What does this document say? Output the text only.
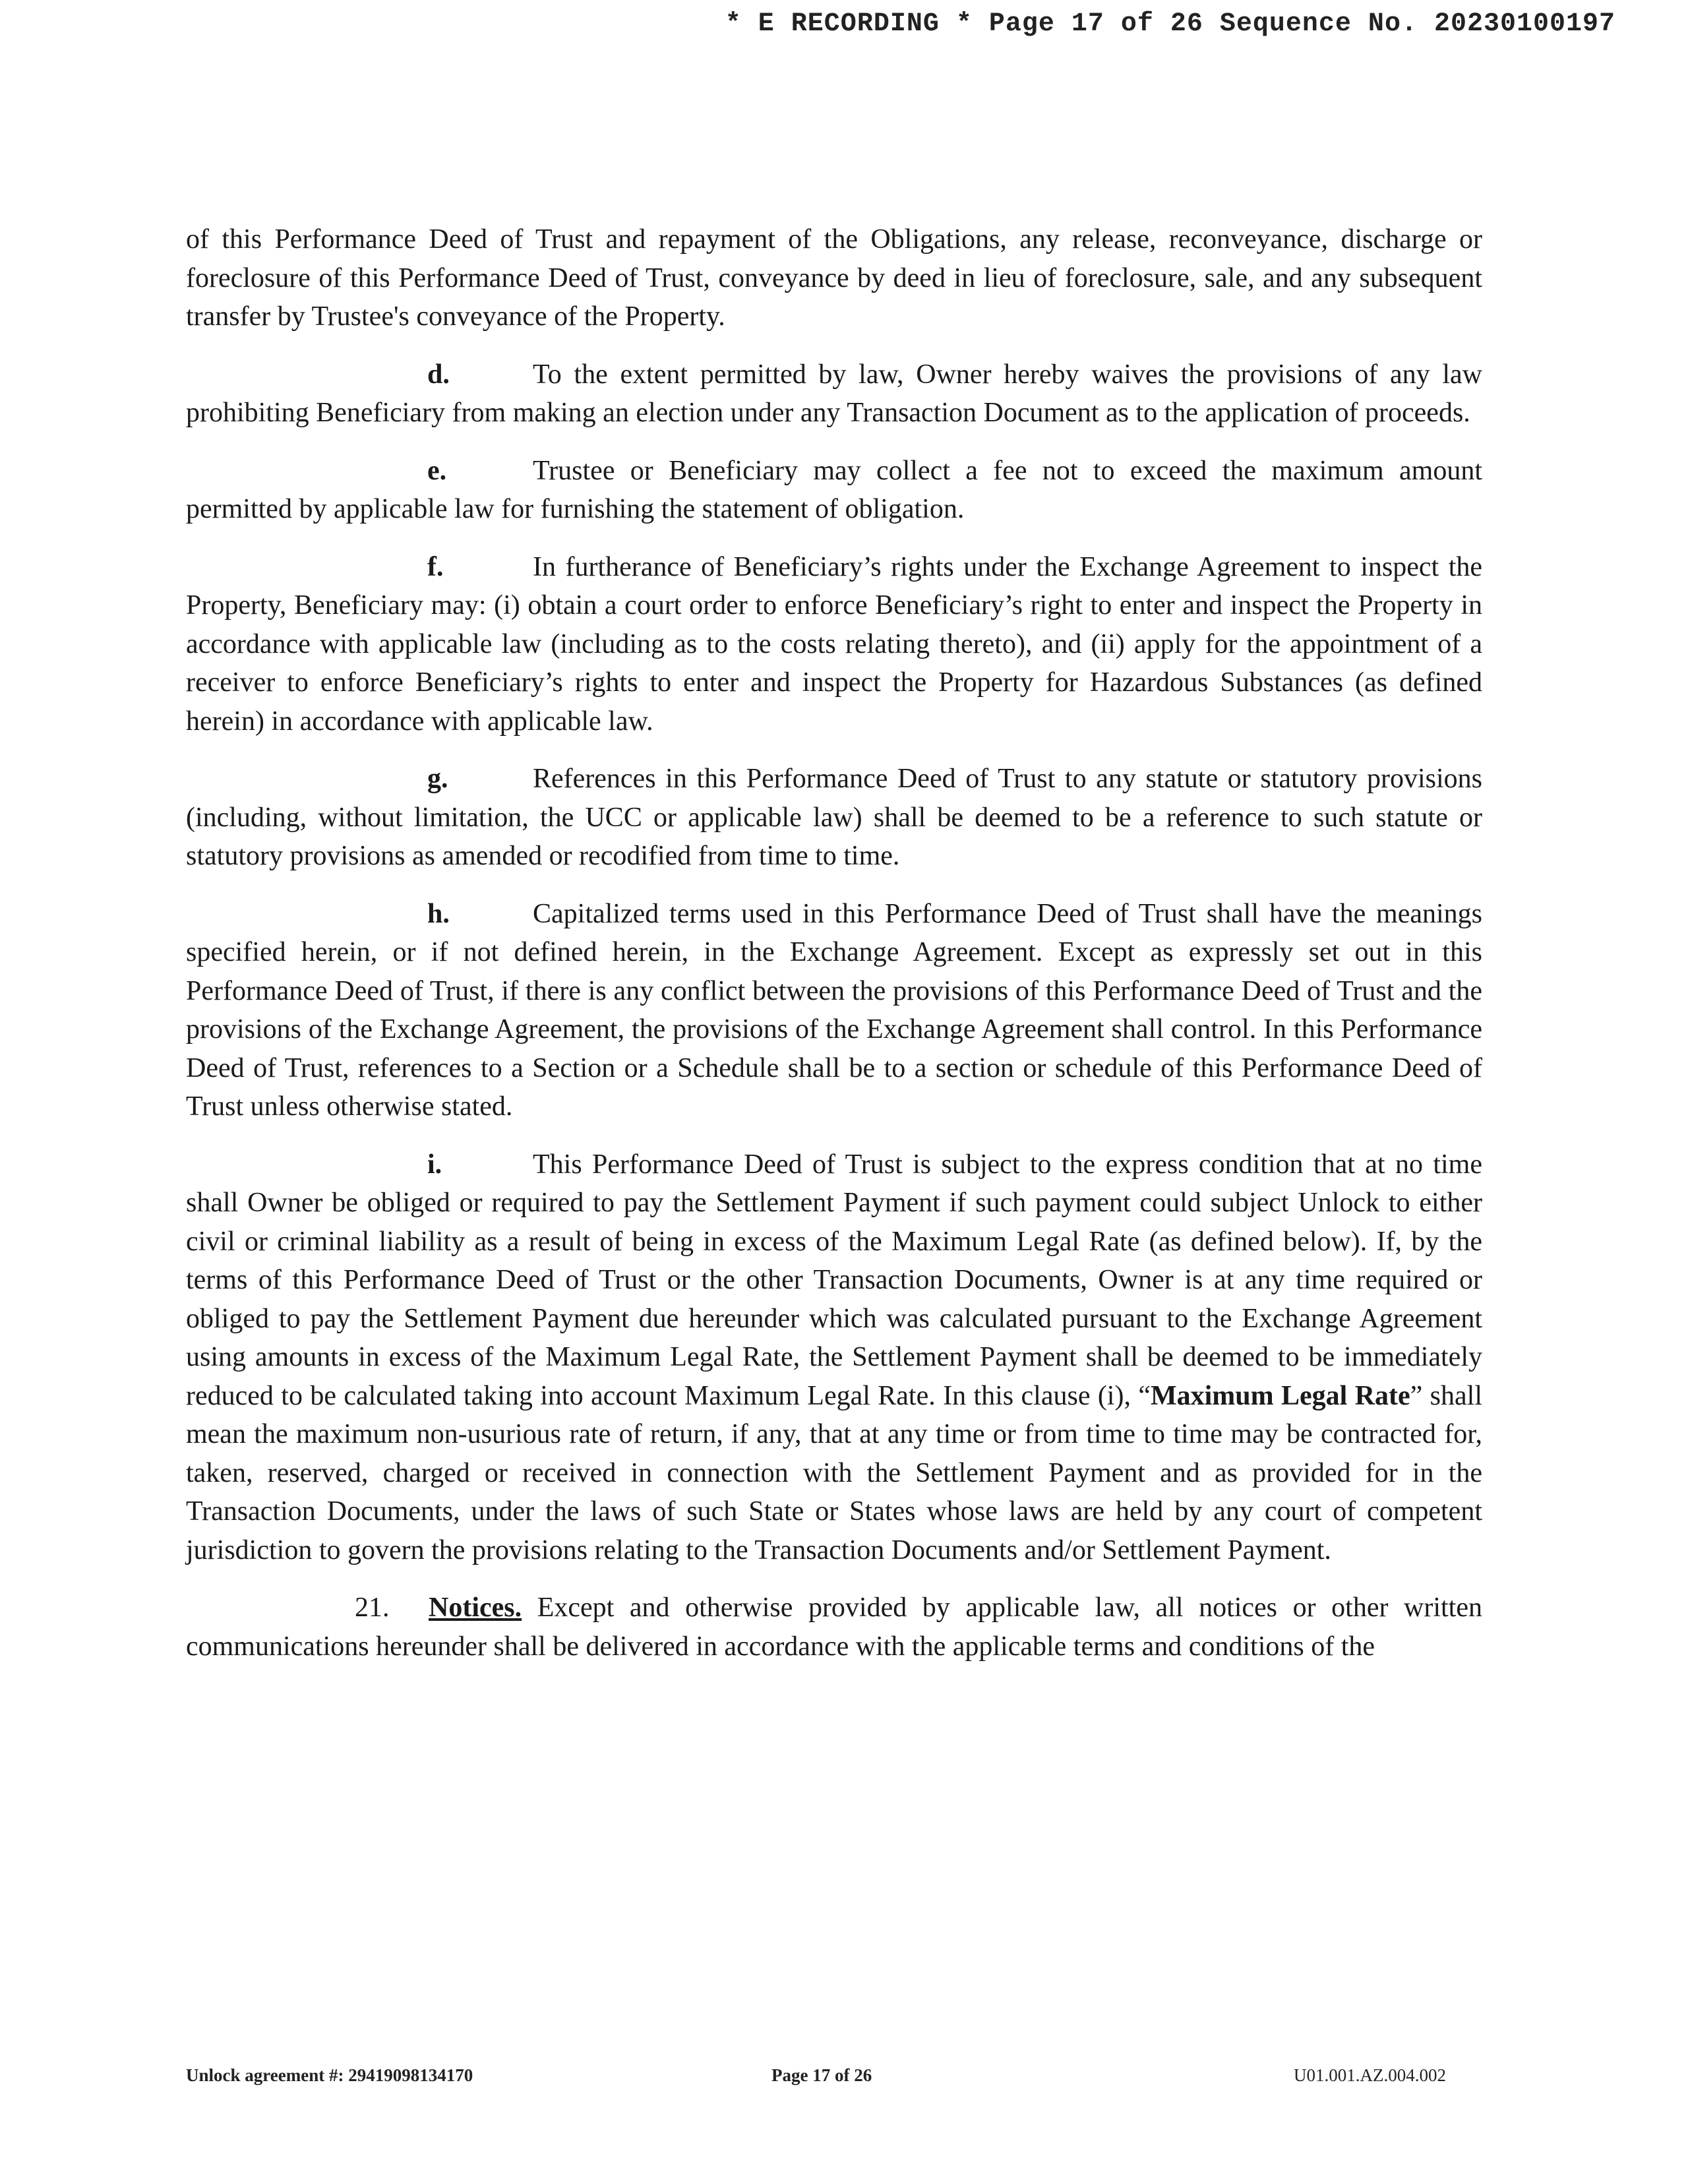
* E RECORDING * Page 17 of 26 Sequence No. 20230100197

of this Performance Deed of Trust and repayment of the Obligations, any release, reconveyance, discharge or foreclosure of this Performance Deed of Trust, conveyance by deed in lieu of foreclosure, sale, and any subsequent transfer by Trustee's conveyance of the Property.

d.	To the extent permitted by law, Owner hereby waives the provisions of any law prohibiting Beneficiary from making an election under any Transaction Document as to the application of proceeds.

e.	Trustee or Beneficiary may collect a fee not to exceed the maximum amount permitted by applicable law for furnishing the statement of obligation.

f.	In furtherance of Beneficiary’s rights under the Exchange Agreement to inspect the Property, Beneficiary may: (i) obtain a court order to enforce Beneficiary’s right to enter and inspect the Property in accordance with applicable law (including as to the costs relating thereto), and (ii) apply for the appointment of a receiver to enforce Beneficiary’s rights to enter and inspect the Property for Hazardous Substances (as defined herein) in accordance with applicable law.

g.	References in this Performance Deed of Trust to any statute or statutory provisions (including, without limitation, the UCC or applicable law) shall be deemed to be a reference to such statute or statutory provisions as amended or recodified from time to time.

h.	Capitalized terms used in this Performance Deed of Trust shall have the meanings specified herein, or if not defined herein, in the Exchange Agreement. Except as expressly set out in this Performance Deed of Trust, if there is any conflict between the provisions of this Performance Deed of Trust and the provisions of the Exchange Agreement, the provisions of the Exchange Agreement shall control. In this Performance Deed of Trust, references to a Section or a Schedule shall be to a section or schedule of this Performance Deed of Trust unless otherwise stated.

i.	This Performance Deed of Trust is subject to the express condition that at no time shall Owner be obliged or required to pay the Settlement Payment if such payment could subject Unlock to either civil or criminal liability as a result of being in excess of the Maximum Legal Rate (as defined below). If, by the terms of this Performance Deed of Trust or the other Transaction Documents, Owner is at any time required or obliged to pay the Settlement Payment due hereunder which was calculated pursuant to the Exchange Agreement using amounts in excess of the Maximum Legal Rate, the Settlement Payment shall be deemed to be immediately reduced to be calculated taking into account Maximum Legal Rate. In this clause (i), “Maximum Legal Rate” shall mean the maximum non-usurious rate of return, if any, that at any time or from time to time may be contracted for, taken, reserved, charged or received in connection with the Settlement Payment and as provided for in the Transaction Documents, under the laws of such State or States whose laws are held by any court of competent jurisdiction to govern the provisions relating to the Transaction Documents and/or Settlement Payment.

21. Notices. Except and otherwise provided by applicable law, all notices or other written communications hereunder shall be delivered in accordance with the applicable terms and conditions of the

Unlock agreement #: 29419098134170	Page 17 of 26	U01.001.AZ.004.002
